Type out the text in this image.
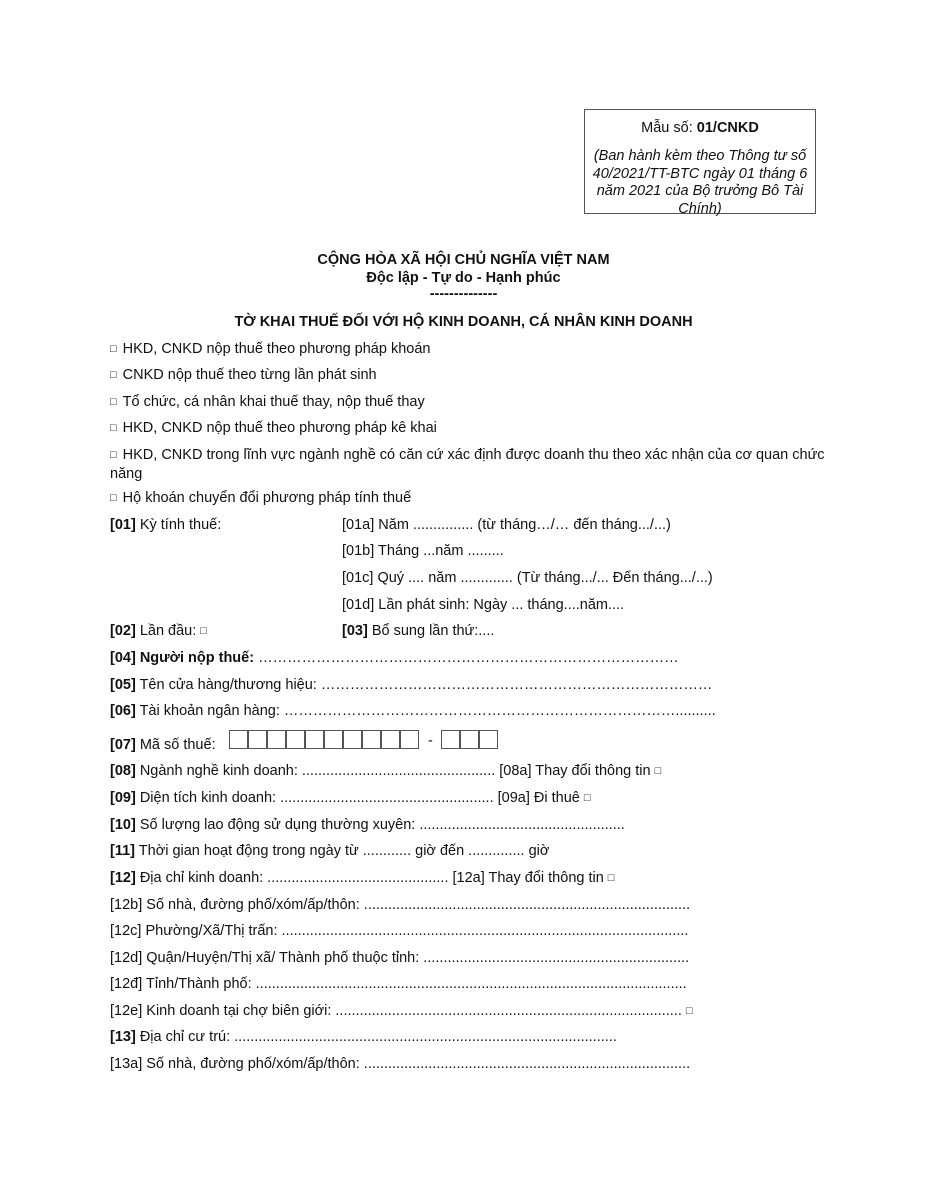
Mẫu số: 01/CNKD
(Ban hành kèm theo Thông tư số 40/2021/TT-BTC ngày 01 tháng 6 năm 2021 của Bộ trưởng Bô Tài Chính)
CỘNG HÒA XÃ HỘI CHỦ NGHĨA VIỆT NAM
Độc lập - Tự do - Hạnh phúc
--------------
TỜ KHAI THUẾ ĐỐI VỚI HỘ KINH DOANH, CÁ NHÂN KINH DOANH
□ HKD, CNKD nộp thuế theo phương pháp khoán
□ CNKD nộp thuế theo từng lần phát sinh
□ Tổ chức, cá nhân khai thuế thay, nộp thuế thay
□ HKD, CNKD nộp thuế theo phương pháp kê khai
□ HKD, CNKD trong lĩnh vực ngành nghề có căn cứ xác định được doanh thu theo xác nhận của cơ quan chức năng
□ Hộ khoán chuyển đổi phương pháp tính thuế
[01] Kỳ tính thuế:	[01a] Năm ............... (từ tháng…/… đến tháng.../...)
[01b] Tháng ...năm .........
[01c] Quý .... năm ............. (Từ tháng.../... Đến tháng.../...)
[01d] Lần phát sinh: Ngày ... tháng....năm....
[02] Lần đầu: □	[03] Bổ sung lần thứ:....
[04] Người nộp thuế: ……………………………………………………………………………
[05] Tên cửa hàng/thương hiệu: ………………………………………………………………………
[06] Tài khoản ngân hàng: ………………………………………………………………………..........
[07] Mã số thuế:	-
[08] Ngành nghề kinh doanh: ................................................ [08a] Thay đổi thông tin □
[09] Diện tích kinh doanh: ..................................................... [09a] Đi thuê □
[10] Số lượng lao động sử dụng thường xuyên: ...................................................
[11] Thời gian hoạt động trong ngày từ ............ giờ đến .............. giờ
[12] Địa chỉ kinh doanh: ............................................. [12a] Thay đổi thông tin □
[12b] Số nhà, đường phố/xóm/ấp/thôn: .................................................................................
[12c] Phường/Xã/Thị trấn: .....................................................................................................
[12d] Quận/Huyện/Thị xã/ Thành phố thuộc tỉnh: ..................................................................
[12đ] Tỉnh/Thành phố: ...........................................................................................................
[12e] Kinh doanh tại chợ biên giới: ...................................................................................... □
[13] Địa chỉ cư trú: ...............................................................................................
[13a] Số nhà, đường phố/xóm/ấp/thôn: .................................................................................
